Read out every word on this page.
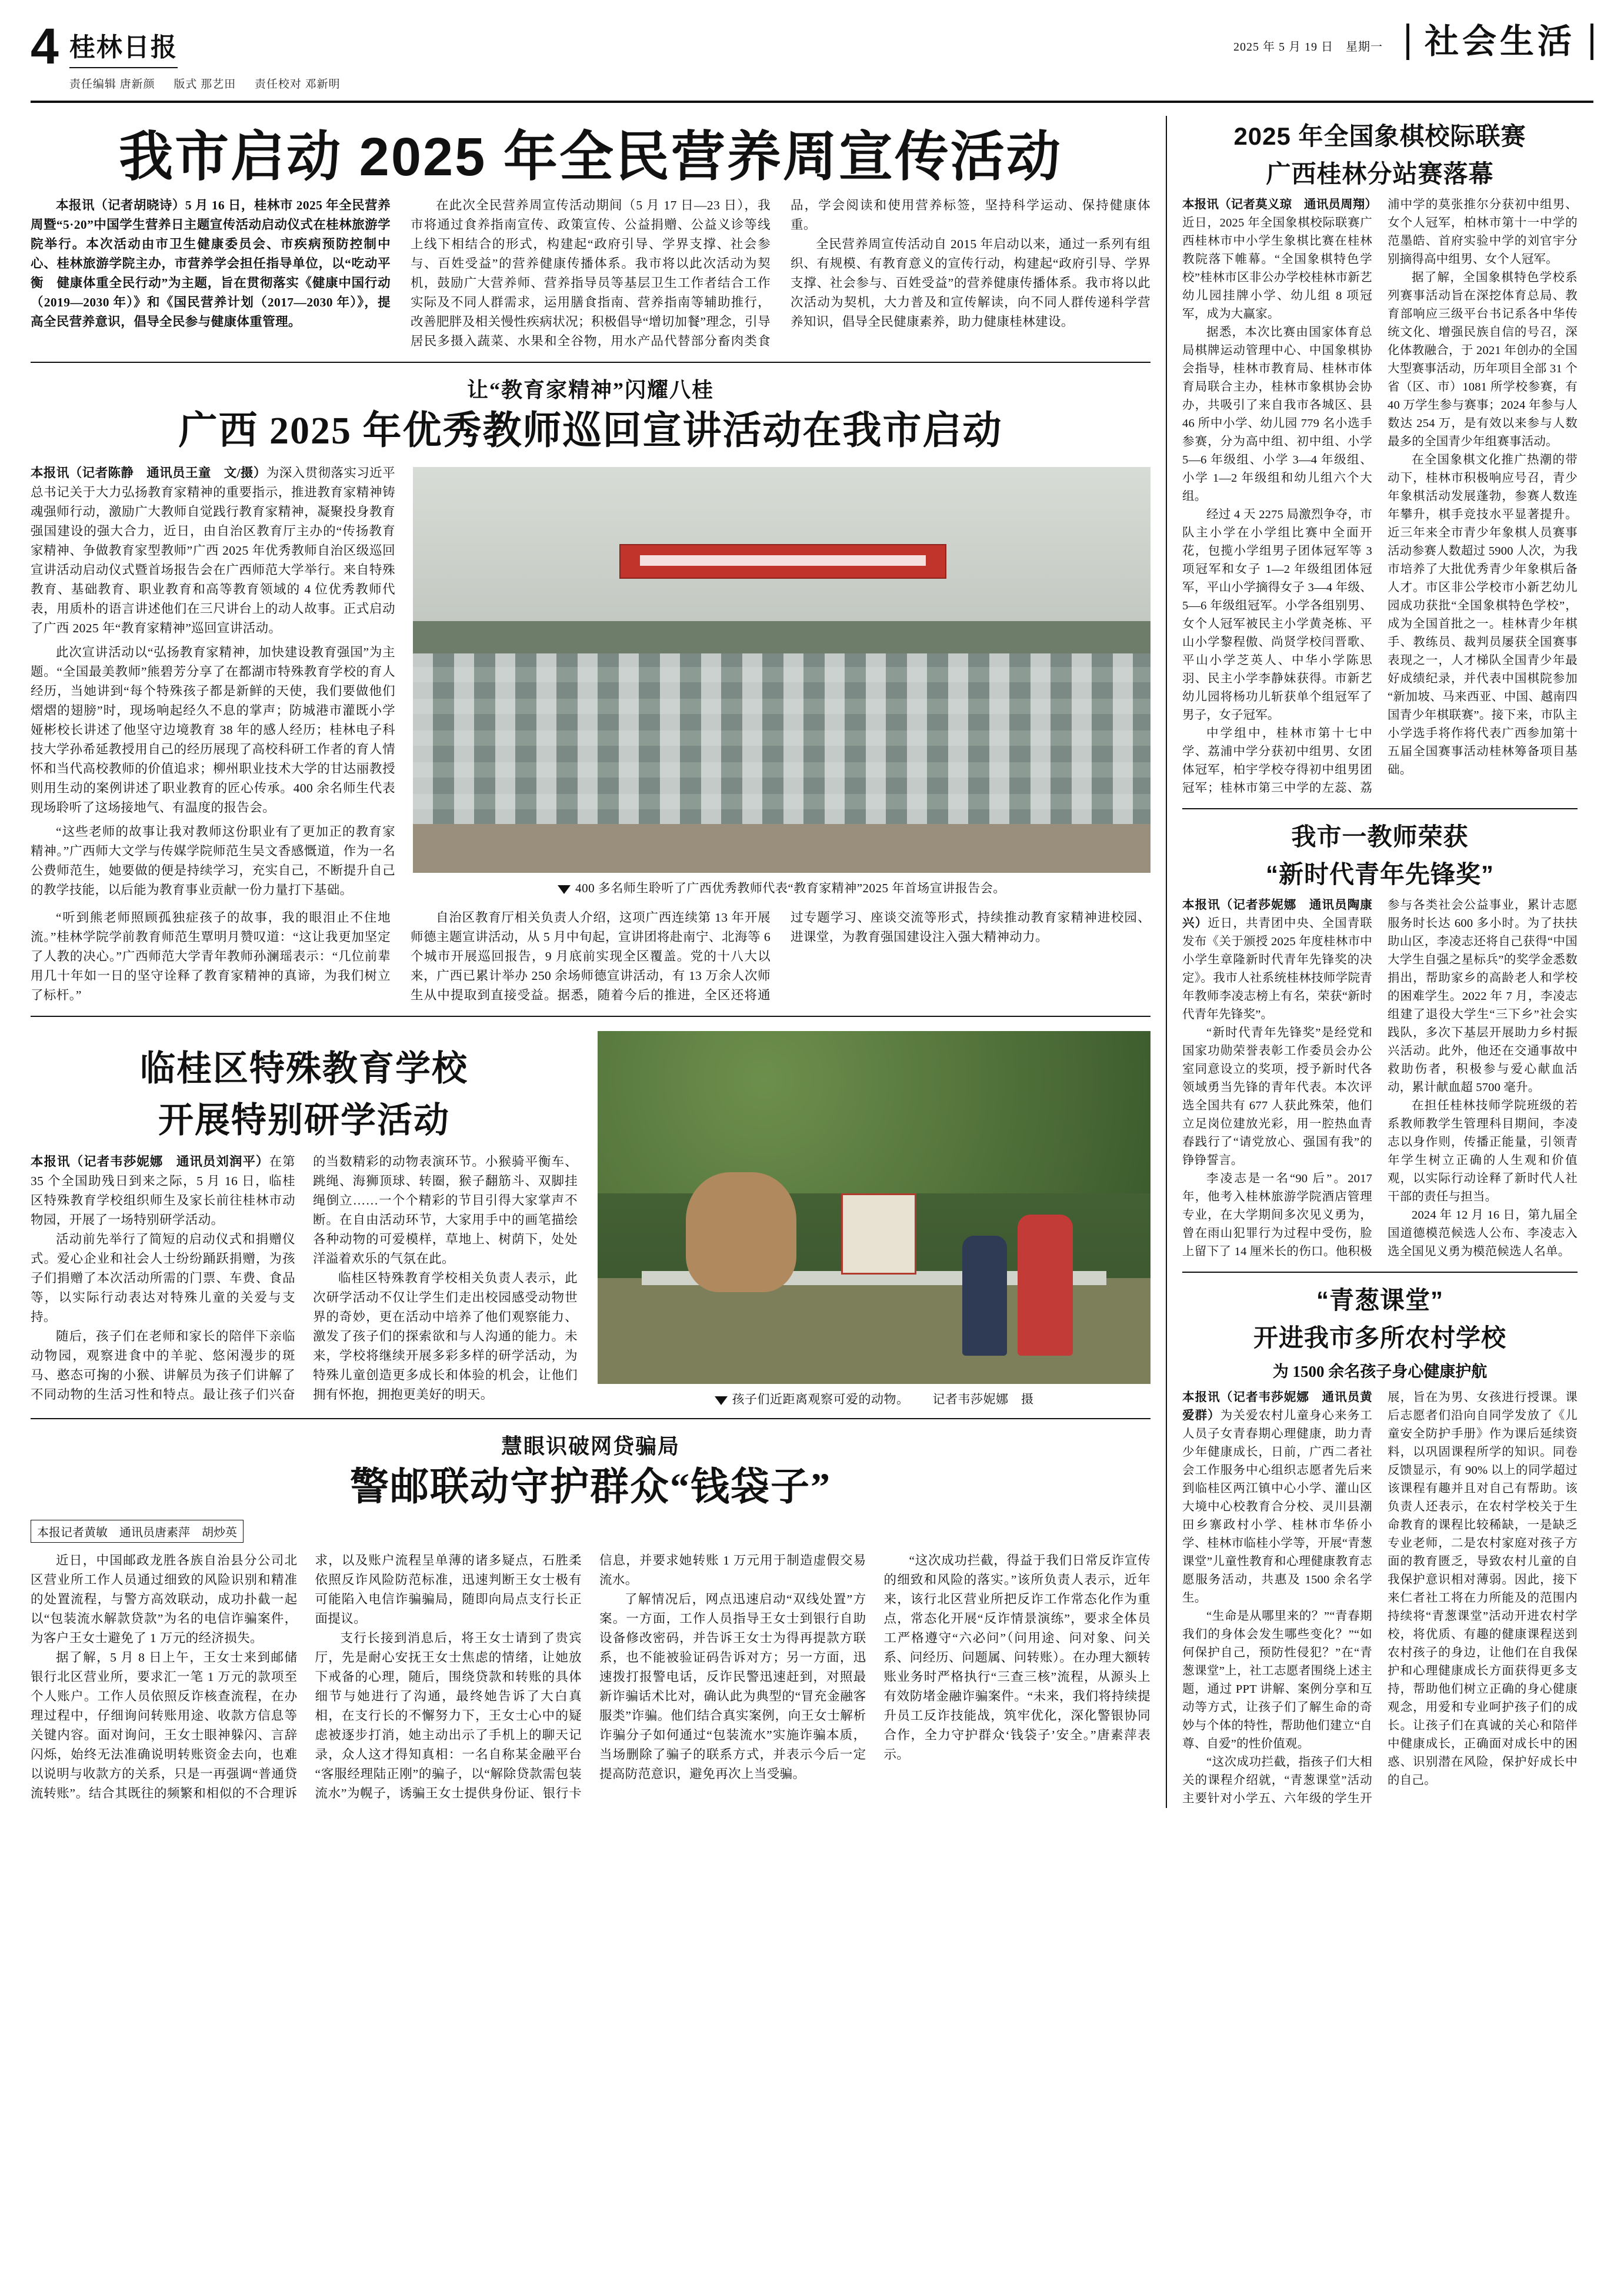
4 桂林日报
责任编辑 唐新颜 版式 那艺田 责任校对 邓新明
2025 年 5 月 19 日　星期一	社会生活
我市启动 2025 年全民营养周宣传活动

本报讯（记者胡晓诗）5 月 16 日，桂林市 2025 年全民营养周暨“5·20”中国学生营养日主题宣传活动启动仪式在桂林旅游学院举行。本次活动由市卫生健康委员会、市疾病预防控制中心、桂林旅游学院主办，市营养学会担任指导单位，以“吃动平衡　健康体重全民行动”为主题，旨在贯彻落实《健康中国行动（2019—2030 年）》和《国民营养计划（2017—2030 年）》，提高全民营养意识，倡导全民参与健康体重管理。

在此次全民营养周宣传活动期间（5 月 17 日—23 日），我市将通过食养指南宣传、政策宣传、公益捐赠、公益义诊等线上线下相结合的形式，构建起“政府引导、学界支撑、社会参与、百姓受益”的营养健康传播体系。我市将以此次活动为契机，鼓励广大营养师、营养指导员等基层卫生工作者结合工作实际及不同人群需求，运用膳食指南、营养指南等辅助推行，改善肥胖及相关慢性疾病状况；积极倡导“增切加餐”理念，引导居民多摄入蔬菜、水果和全谷物，用水产品代替部分畜肉类食品，学会阅读和使用营养标签，坚持科学运动、保持健康体重。

全民营养周宣传活动自 2015 年启动以来，通过一系列有组织、有规模、有教育意义的宣传行动，构建起“政府引导、学界支撑、社会参与、百姓受益”的营养健康传播体系。我市将以此次活动为契机，大力普及和宣传解读，向不同人群传递科学营养知识，倡导全民健康素养，助力健康桂林建设。

让“教育家精神”闪耀八桂
广西 2025 年优秀教师巡回宣讲活动在我市启动

本报讯（记者陈静　通讯员王童　文/摄）为深入贯彻落实习近平总书记关于大力弘扬教育家精神的重要指示，推进教育家精神铸魂强师行动，激励广大教师自觉践行教育家精神，凝聚投身教育强国建设的强大合力，近日，由自治区教育厅主办的“传扬教育家精神、争做教育家型教师”广西 2025 年优秀教师自治区级巡回宣讲活动启动仪式暨首场报告会在广西师范大学举行。来自特殊教育、基础教育、职业教育和高等教育领域的 4 位优秀教师代表，用质朴的语言讲述他们在三尺讲台上的动人故事。正式启动了广西 2025 年“教育家精神”巡回宣讲活动。

此次宣讲活动以“弘扬教育家精神，加快建设教育强国”为主题。“全国最美教师”熊碧芳分享了在都湖市特殊教育学校的育人经历，当她讲到“每个特殊孩子都是新鲜的天使，我们要做他们熠熠的翅膀”时，现场响起经久不息的掌声；防城港市灌既小学娅彬校长讲述了他坚守边境教育 38 年的感人经历；桂林电子科技大学孙希延教授用自己的经历展现了高校科研工作者的育人情怀和当代高校教师的价值追求；柳州职业技术大学的甘达丽教授则用生动的案例讲述了职业教育的匠心传承。400 余名师生代表现场聆听了这场接地气、有温度的报告会。

“这些老师的故事让我对教师这份职业有了更加正的教育家精神。”广西师大文学与传媒学院师范生吴文香感慨道，作为一名公费师范生，她要做的便是持续学习，充实自己，不断提升自己的教学技能，以后能为教育事业贡献一份力量打下基础。	400 多名师生聆听了广西优秀教师代表“教育家精神”2025 年首场宣讲报告会。

“听到熊老师照顾孤独症孩子的故事，我的眼泪止不住地流。”桂林学院学前教育师范生覃明月赞叹道：“这让我更加坚定了人教的决心。”广西师范大学青年教师孙澜瑶表示：“几位前辈用几十年如一日的坚守诠释了教育家精神的真谛，为我们树立了标杆。”

自治区教育厅相关负责人介绍，这项广西连续第 13 年开展师德主题宣讲活动，从 5 月中旬起，宣讲团将赴南宁、北海等 6 个城市开展巡回报告，9 月底前实现全区覆盖。党的十八大以来，广西已累计举办 250 余场师德宣讲活动，有 13 万余人次师生从中提取到直接受益。据悉，随着今后的推进，全区还将通过专题学习、座谈交流等形式，持续推动教育家精神进校园、进课堂，为教育强国建设注入强大精神动力。

临桂区特殊教育学校
开展特别研学活动

本报讯（记者韦莎妮娜　通讯员刘润平）在第 35 个全国助残日到来之际，5 月 16 日，临桂区特殊教育学校组织师生及家长前往桂林市动物园，开展了一场特别研学活动。

活动前先举行了简短的启动仪式和捐赠仪式。爱心企业和社会人士纷纷踊跃捐赠，为孩子们捐赠了本次活动所需的门票、车费、食品等，以实际行动表达对特殊儿童的关爱与支持。

随后，孩子们在老师和家长的陪伴下亲临动物园，观察进食中的羊驼、悠闲漫步的斑马、憨态可掬的小猴、讲解员为孩子们讲解了不同动物的生活习性和特点。最让孩子们兴奋的当数精彩的动物表演环节。小猴骑平衡车、跳绳、海狮顶球、转圈，猴子翻筋斗、双脚挂绳倒立……一个个精彩的节目引得大家掌声不断。在自由活动环节，大家用手中的画笔描绘各种动物的可爱模样，草地上、树荫下，处处洋溢着欢乐的气氛在此。

临桂区特殊教育学校相关负责人表示，此次研学活动不仅让学生们走出校园感受动物世界的奇妙，更在活动中培养了他们观察能力、激发了孩子们的探索欲和与人沟通的能力。未来，学校将继续开展多彩多样的研学活动，为特殊儿童创造更多成长和体验的机会，让他们拥有怀抱，拥抱更美好的明天。	孩子们近距离观察可爱的动物。 记者韦莎妮娜　摄
慧眼识破网贷骗局
警邮联动守护群众“钱袋子”
本报记者黄敏　通讯员唐素萍　胡炒英

近日，中国邮政龙胜各族自治县分公司北区营业所工作人员通过细致的风险识别和精准的处置流程，与警方高效联动，成功扑截一起以“包装流水解款贷款”为名的电信诈骗案件，为客户王女士避免了 1 万元的经济损失。

据了解，5 月 8 日上午，王女士来到邮储银行北区营业所，要求汇一笔 1 万元的款项至个人账户。工作人员依照反诈核查流程，在办理过程中，仔细询问转账用途、收款方信息等关键内容。面对询问，王女士眼神躲闪、言辞闪烁，始终无法准确说明转账资金去向，也难以说明与收款方的关系，只是一再强调“普通贷流转账”。结合其既往的频繁和相似的不合理诉求，以及账户流程呈单薄的诸多疑点，石胜柔依照反诈风险防范标准，迅速判断王女士极有可能陷入电信诈骗骗局，随即向局点支行长正面提议。

支行长接到消息后，将王女士请到了贵宾厅，先是耐心安抚王女士焦虑的情绪，让她放下戒备的心理，随后，围绕贷款和转账的具体细节与她进行了沟通，最终她告诉了大白真相，在支行长的不懈努力下，王女士心中的疑虑被逐步打消，她主动出示了手机上的聊天记录，众人这才得知真相：一名自称某金融平台“客服经理陆正刚”的骗子，以“解除贷款需包装流水”为幌子，诱骗王女士提供身份证、银行卡信息，并要求她转账 1 万元用于制造虚假交易流水。

了解情况后，网点迅速启动“双线处置”方案。一方面，工作人员指导王女士到银行自助设备修改密码，并告诉王女士为得再提款方联系，也不能被验证码告诉对方；另一方面，迅速拨打报警电话，反诈民警迅速赶到，对照最新诈骗话术比对，确认此为典型的“冒充金融客服类”诈骗。他们结合真实案例，向王女士解析诈骗分子如何通过“包装流水”实施诈骗本质，当场删除了骗子的联系方式，并表示今后一定提高防范意识，避免再次上当受骗。

“这次成功拦截，得益于我们日常反诈宣传的细致和风险的落实。”该所负责人表示，近年来，该行北区营业所把反诈工作常态化作为重点，常态化开展“反诈情景演练”，要求全体员工严格遵守“六必问”（问用途、问对象、问关系、问经历、问题属、问转账）。在办理大额转账业务时严格执行“三查三核”流程，从源头上有效防堵金融诈骗案件。“未来，我们将持续提升员工反诈技能战，筑牢优化，深化警银协同合作，全力守护群众‘钱袋子’安全。”唐素萍表示。

2025 年全国象棋校际联赛
广西桂林分站赛落幕

本报讯（记者莫义琼　通讯员周翔）近日，2025 年全国象棋校际联赛广西桂林市中小学生象棋比赛在桂林教院落下帷幕。“全国象棋特色学校”桂林市区非公办学校桂林市新艺幼儿园挂牌小学、幼儿组 8 项冠军，成为大赢家。

据悉，本次比赛由国家体育总局棋牌运动管理中心、中国象棋协会指导，桂林市教育局、桂林市体育局联合主办，桂林市象棋协会协办，共吸引了来自我市各城区、县 46 所中小学、幼儿园 779 名小选手参赛，分为高中组、初中组、小学 5—6 年级组、小学 3—4 年级组、小学 1—2 年级组和幼儿组六个大组。

经过 4 天 2275 局激烈争夺，市队主小学在小学组比赛中全面开花，包揽小学组男子团体冠军等 3 项冠军和女子 1—2 年级组团体冠军，平山小学摘得女子 3—4 年级、5—6 年级组冠军。小学各组别男、女个人冠军被民主小学黄尧栋、平山小学黎程傲、尚贤学校闫晋歌、平山小学芝英人、中华小学陈思羽、民主小学李静妹获得。市新艺幼儿园将杨功儿斩获单个组冠军了男子，女子冠军。

中学组中，桂林市第十七中学、荔浦中学分获初中组男、女团体冠军，柏宇学校夺得初中组男团冠军；桂林市第三中学的左蕊、荔浦中学的莫张推尔分获初中组男、女个人冠军，柏林市第十一中学的范墨皓、首府实验中学的刘官宇分别摘得高中组男、女个人冠军。

据了解，全国象棋特色学校系列赛事活动旨在深挖体育总局、教育部响应三级平台书记系各中华传统文化、增强民族自信的号召，深化体教融合，于 2021 年创办的全国大型赛事活动，历年项目全部 31 个省（区、市）1081 所学校参赛，有 40 万学生参与赛事；2024 年参与人数达 254 万，是有效以来参与人数最多的全国青少年组赛事活动。

在全国象棋文化推广热潮的带动下，桂林市积极响应号召，青少年象棋活动发展蓬勃，参赛人数连年攀升，棋手竞技水平显著提升。近三年来全市青少年象棋人员赛事活动参赛人数超过 5900 人次，为我市培养了大批优秀青少年象棋后备人才。市区非公学校市小新艺幼儿园成功获批“全国象棋特色学校”，成为全国首批之一。桂林青少年棋手、教练员、裁判员屡获全国赛事表现之一，人才梯队全国青少年最好成绩纪录，并代表中国棋院参加“新加坡、马来西亚、中国、越南四国青少年棋联赛”。接下来，市队主小学选手将作将代表广西参加第十五届全国赛事活动桂林筹备项目基础。

我市一教师荣获
“新时代青年先锋奖”

本报讯（记者莎妮娜　通讯员陶康兴）近日，共青团中央、全国青联发布《关于颁授 2025 年度桂林市中小学生章隆新时代青年先锋奖的决定》。我市人社系统桂林技师学院青年教师李凌志榜上有名，荣获“新时代青年先锋奖”。

“新时代青年先锋奖”是经党和国家功勋荣誉表彰工作委员会办公室同意设立的奖项，授予新时代各领域勇当先锋的青年代表。本次评选全国共有 677 人获此殊荣，他们立足岗位建放光彩，用一腔热血青春践行了“请党放心、强国有我”的铮铮誓言。

李凌志是一名“90 后”。2017 年，他考入桂林旅游学院酒店管理专业，在大学期间多次见义勇为，曾在雨山犯罪行为过程中受伤，脸上留下了 14 厘米长的伤口。他积极参与各类社会公益事业，累计志愿服务时长达 600 多小时。为了扶扶助山区，李凌志还将自己获得“中国大学生自强之星标兵”的奖学金悉数捐出，帮助家乡的高龄老人和学校的困难学生。2022 年 7 月，李凌志组建了退役大学生“三下乡”社会实践队，多次下基层开展助力乡村振兴活动。此外，他还在交通事故中救助伤者，积极参与爱心献血活动，累计献血超 5700 毫升。

在担任桂林技师学院班级的若系教师教学生管理科目期间，李凌志以身作则，传播正能量，引领青年学生树立正确的人生观和价值观，以实际行动诠释了新时代人社干部的责任与担当。

2024 年 12 月 16 日，第九届全国道德模范候选人公布、李凌志入选全国见义勇为模范候选人名单。

“青葱课堂”
开进我市多所农村学校
为 1500 余名孩子身心健康护航

本报讯（记者韦莎妮娜　通讯员黄爱群）为关爱农村儿童身心来务工人员子女青春期心理健康，助力青少年健康成长，日前，广西二者社会工作服务中心组织志愿者先后来到临桂区两江镇中心小学、灌山区大境中心校教育合分校、灵川县潮田乡寨政村小学、桂林市华侨小学、桂林市临桂小学等，开展“青葱课堂”儿童性教育和心理健康教育志愿服务活动，共惠及 1500 余名学生。

“生命是从哪里来的？”“青春期我们的身体会发生哪些变化？”“如何保护自己，预防性侵犯？”在“青葱课堂”上，社工志愿者围绕上述主题，通过 PPT 讲解、案例分享和互动等方式，让孩子们了解生命的奇妙与个体的特性，帮助他们建立“自尊、自爱”的性价值观。

“这次成功拦截，指孩子们大相关的课程介绍就，“青葱课堂”活动主要针对小学五、六年级的学生开展，旨在为男、女孩进行授课。课后志愿者们沿向自同学发放了《儿童安全防护手册》作为课后延续资料，以巩固课程所学的知识。同卷反馈显示，有 90% 以上的同学超过该课程有趣并且对自己有帮助。该负责人还表示，在农村学校关于生命教育的课程比较稀缺，一是缺乏专业老师，二是农村家庭对孩子方面的教育匮乏，导致农村儿童的自我保护意识相对薄弱。因此，接下来仁者社工将在力所能及的范围内持续将“青葱课堂”活动开进农村学校，将优质、有趣的健康课程送到农村孩子的身边，让他们在自我保护和心理健康成长方面获得更多支持，帮助他们树立正确的身心健康观念，用爱和专业呵护孩子们的成长。让孩子们在真诚的关心和陪伴中健康成长，正确面对成长中的困惑、识别潜在风险，保护好成长中的自己。
